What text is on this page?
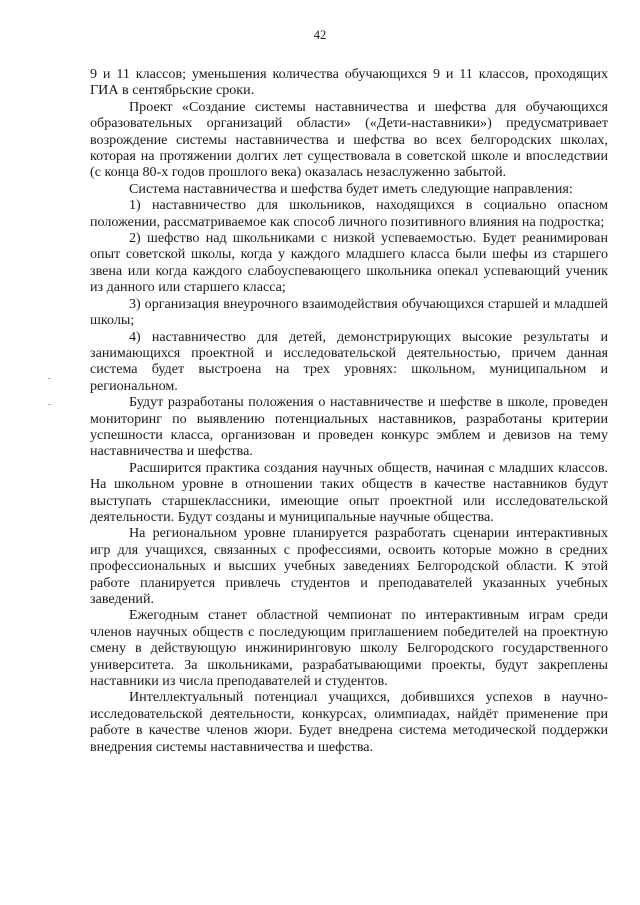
42

9 и 11 классов; уменьшения количества обучающихся 9 и 11 классов, проходящих ГИА в сентябрьские сроки.

Проект «Создание системы наставничества и шефства для обучающихся образовательных организаций области» («Дети-наставники») предусматривает возрождение системы наставничества и шефства во всех белгородских школах, которая на протяжении долгих лет существовала в советской школе и впоследствии (с конца 80-х годов прошлого века) оказалась незаслуженно забытой.

Система наставничества и шефства будет иметь следующие направления:

1) наставничество для школьников, находящихся в социально опасном положении, рассматриваемое как способ личного позитивного влияния на подростка;

2) шефство над школьниками с низкой успеваемостью. Будет реанимирован опыт советской школы, когда у каждого младшего класса были шефы из старшего звена или когда каждого слабоуспевающего школьника опекал успевающий ученик из данного или старшего класса;

3) организация внеурочного взаимодействия обучающихся старшей и младшей школы;

4) наставничество для детей, демонстрирующих высокие результаты и занимающихся проектной и исследовательской деятельностью, причем данная система будет выстроена на трех уровнях: школьном, муниципальном и региональном.

Будут разработаны положения о наставничестве и шефстве в школе, проведен мониторинг по выявлению потенциальных наставников, разработаны критерии успешности класса, организован и проведен конкурс эмблем и девизов на тему наставничества и шефства.

Расширится практика создания научных обществ, начиная с младших классов. На школьном уровне в отношении таких обществ в качестве наставников будут выступать старшеклассники, имеющие опыт проектной или исследовательской деятельности. Будут созданы и муниципальные научные общества.

На региональном уровне планируется разработать сценарии интерактивных игр для учащихся, связанных с профессиями, освоить которые можно в средних профессиональных и высших учебных заведениях Белгородской области. К этой работе планируется привлечь студентов и преподавателей указанных учебных заведений.

Ежегодным станет областной чемпионат по интерактивным играм среди членов научных обществ с последующим приглашением победителей на проектную смену в действующую инжиниринговую школу Белгородского государственного университета. За школьниками, разрабатывающими проекты, будут закреплены наставники из числа преподавателей и студентов.

Интеллектуальный потенциал учащихся, добившихся успехов в научно-исследовательской деятельности, конкурсах, олимпиадах, найдёт применение при работе в качестве членов жюри. Будет внедрена система методической поддержки внедрения системы наставничества и шефства.
